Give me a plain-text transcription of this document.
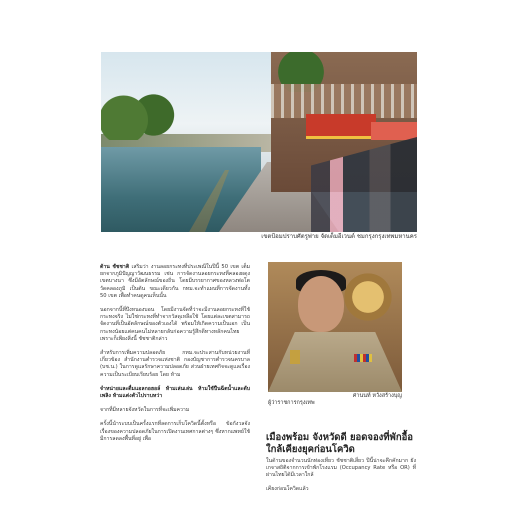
เขตป้อมปราบศัตรูพ่าย จัดเต็มอีเวนต์ ชมกรุงกรุงเทพมหานคร

ด้าน ชัชชาติ เสริมว่า งานลอยกระทงที่ประเพณีในปีนี้ 50 เขต เต็มยกจากภูมิปัญญาวัฒนธรรม เช่น การจัดงานลอยกระทงที่คลองผดุง เขตบางนา ซึ่งมีอัตลักษณ์ของถิ่น โดยมีบรรยากาศของหลวงพ่อโต วัดคลองภูมิ เป็นต้น ขณะเดียวกัน กทม.จะทำแผนที่การจัดงานทั้ง 50 เขต เพื่อทำคนดูคนเห็นนั้น

นอกจากนี้ที่บึงหนองบอน โดยมีงานจัดที่ว่าจะมีงานลอยกระทงที่ใช้กระทงจริง ไม่ใช่กระทงที่ทำจากวัสดุเหลือใช้ โดยแต่ละเขตสามารถจัดงานที่เป็นอัตลักษณ์ของตัวเองได้ พร้อมให้เกิดความเป็นเอก เป็นกระทงน้อยแต่คนคนไม่หลายกลับก่อความรู้สึกดีทางหลักคนไทยเพราะก็เพียงสิ่งนี้ ชัชชาติกล่าว

สำหรับการเพิ่มความปลอดภัย กทม.จะประสานกับหน่วยงานที่เกี่ยวข้อง สำนักงานตำรวจแห่งชาติ กองบัญชาการตำรวจนครบาล (บช.น.) ในการดูแลรักษาความปลอดภัย ส่วนฝ่ายเทศกิจจะดูแลเรื่องความเป็นระเบียบเรียบร้อย โดย ห้าม

จำหน่ายและดื่มแอลกอฮอล์ ห้ามเล่นเล่น ห้ามใช้ปืนฉีดน้ำและดับเพลิง ห้ามแต่งตัวไปราบหว่า

จากที่มีหลายจังหวัดในการที่จะเพิ่มความ

ครั้งนี้นำระบบเป็นครั้งแรกที่ลดการเก็บโควิดนี้ตั้งหรือ ข้อกังวลจังเรื่องของความปลอดภัยในการเปิดงานเทศกาลต่างๆ ซึ่งหากแพทย์ใช้มีการลดลงพื้นที่อยู่ เพื่อ

ศานนท์ หวังสร้างบุญ
ผู้ว่าราชการกรุงเทพ
เมืองพร้อม จังหวัดดี ยอดจองที่พักอื้อ ใกล้เคียงยุคก่อนโควิด

ในด้านของจำนวนนักท่องเที่ยว ชัชชาติเสี่ยว ปีนี้น่าจะคึกคักมาก ยังเกจาสถิติจากการเข้าพักโรงแรม (Occupancy Rate หรือ OR) ที่ผ่านไทยได้มีเวลาใกล้

เคียงก่อนโควิดแล้ว
